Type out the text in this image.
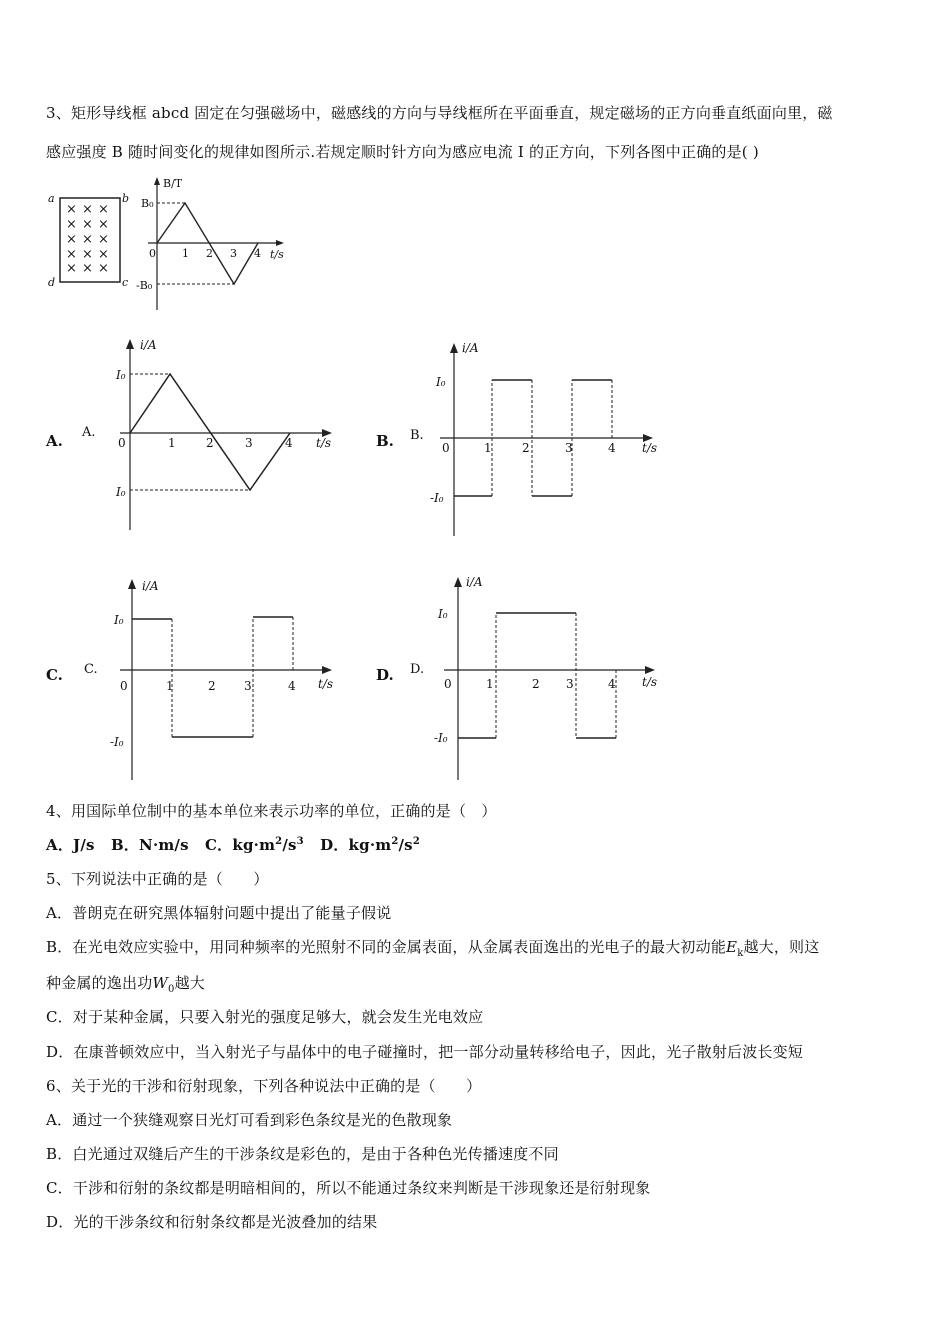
3、矩形导线框 abcd 固定在匀强磁场中，磁感线的方向与导线框所在平面垂直，规定磁场的正方向垂直纸面向里，磁
感应强度 B 随时间变化的规律如图所示.若规定顺时针方向为感应电流 I 的正方向，下列各图中正确的是( )
a	b
c
d
× × ×
× × ×
× × ×
× × ×
× × ×
B/T
t/s
B₀
-B₀
0 1 2 3 4
A.	B.
C.	D.
A.
i/A
t/s
I₀
I₀
0	1	2	3	4	B.
i/A
t/s
I₀
-I₀
0	1	2	3	4
C.
i/A
t/s
I₀
-I₀
0	1	2 3	4
D.
i/A
t/s
I₀
-I₀
0	1	2 3	4
4、用国际单位制中的基本单位来表示功率的单位，正确的是（　）
A．J/s B．N·m/s C．$kg\cdot m^2/s^3$ D．$kg\cdot m^2/s^2$
5、下列说法中正确的是（　　）
A．普朗克在研究黑体辐射问题中提出了能量子假说
B．在光电效应实验中，用同种频率的光照射不同的金属表面，从金属表面逸出的光电子的最大初动能$E_k$越大，则这
种金属的逸出功$W_0$越大
C．对于某种金属，只要入射光的强度足够大，就会发生光电效应
D．在康普顿效应中，当入射光子与晶体中的电子碰撞时，把一部分动量转移给电子，因此，光子散射后波长变短
6、关于光的干涉和衍射现象，下列各种说法中正确的是（　　）
A．通过一个狭缝观察日光灯可看到彩色条纹是光的色散现象
B．白光通过双缝后产生的干涉条纹是彩色的，是由于各种色光传播速度不同
C．干涉和衍射的条纹都是明暗相间的，所以不能通过条纹来判断是干涉现象还是衍射现象
D．光的干涉条纹和衍射条纹都是光波叠加的结果
